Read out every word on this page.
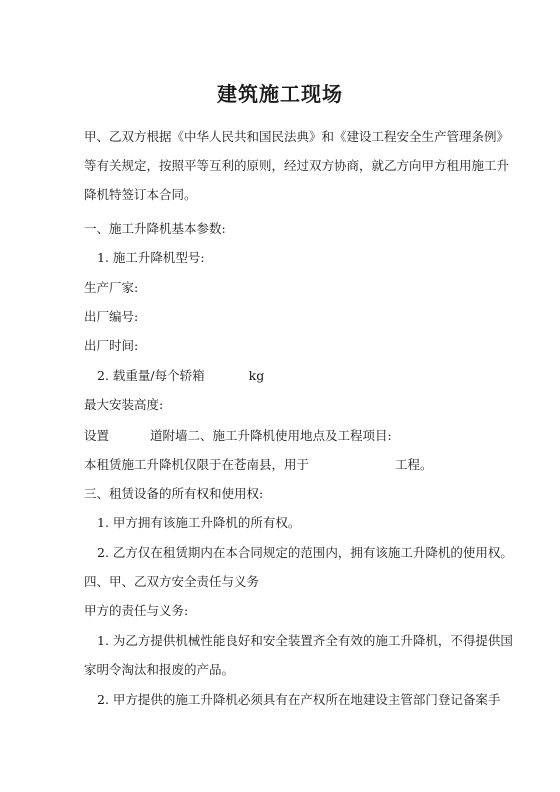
建筑施工现场
甲、乙双方根据《中华人民共和国民法典》和《建设工程安全生产管理条例》
等有关规定，按照平等互利的原则，经过双方协商，就乙方向甲方租用施工升
降机特签订本合同。
一、施工升降机基本参数:
1. 施工升降机型号:
生产厂家:
出厂编号:
出厂时间:
2. 载重量/每个轿箱	kg
最大安装高度:
设置	道附墙二、施工升降机使用地点及工程项目:
本租赁施工升降机仅限于在苍南县，用于	工程。
三、租赁设备的所有权和使用权:
1. 甲方拥有该施工升降机的所有权。
2. 乙方仅在租赁期内在本合同规定的范围内，拥有该施工升降机的使用权。
四、甲、乙双方安全责任与义务
甲方的责任与义务:
1. 为乙方提供机械性能良好和安全装置齐全有效的施工升降机，不得提供国
家明令淘汰和报废的产品。
2. 甲方提供的施工升降机必须具有在产权所在地建设主管部门登记备案手
